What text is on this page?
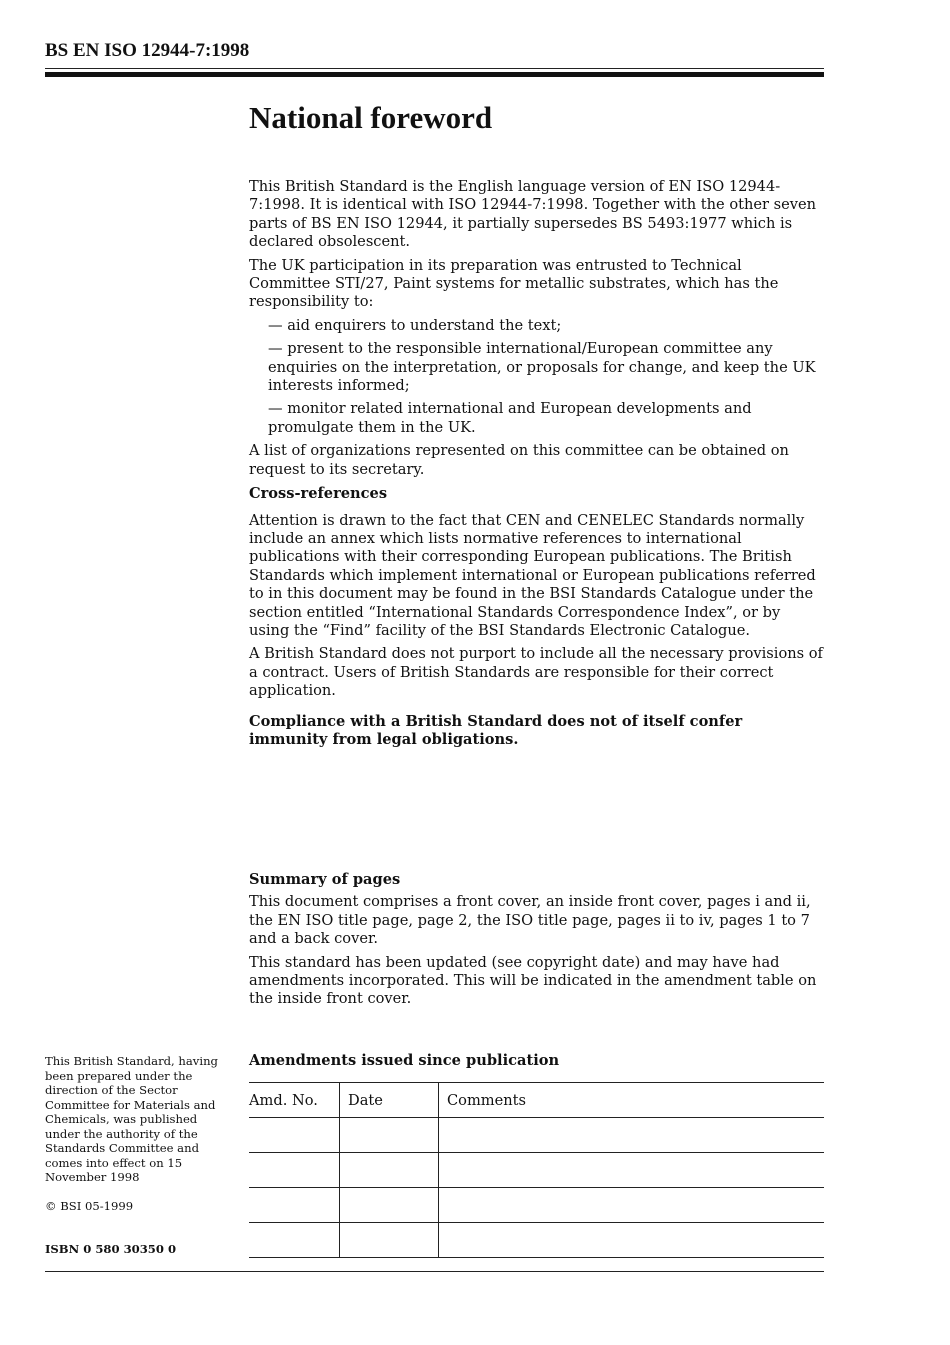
BS EN ISO 12944-7:1998
National foreword

This British Standard is the English language version of EN ISO 12944-7:1998. It is identical with ISO 12944-7:1998. Together with the other seven parts of BS EN ISO 12944, it partially supersedes BS 5493:1977 which is declared obsolescent.

The UK participation in its preparation was entrusted to Technical Committee STI/27, Paint systems for metallic substrates, which has the responsibility to:

— aid enquirers to understand the text;

— present to the responsible international/European committee any enquiries on the interpretation, or proposals for change, and keep the UK interests informed;

— monitor related international and European developments and promulgate them in the UK.

A list of organizations represented on this committee can be obtained on request to its secretary.

Cross-references

Attention is drawn to the fact that CEN and CENELEC Standards normally include an annex which lists normative references to international publications with their corresponding European publications. The British Standards which implement international or European publications referred to in this document may be found in the BSI Standards Catalogue under the section entitled “International Standards Correspondence Index”, or by using the “Find” facility of the BSI Standards Electronic Catalogue.

A British Standard does not purport to include all the necessary provisions of a contract. Users of British Standards are responsible for their correct application.

Compliance with a British Standard does not of itself confer immunity from legal obligations.

Summary of pages

This document comprises a front cover, an inside front cover, pages i and ii, the EN ISO title page, page 2, the ISO title page, pages ii to iv, pages 1 to 7 and a back cover.

This standard has been updated (see copyright date) and may have had amendments incorporated. This will be indicated in the amendment table on the inside front cover.

This British Standard, having been prepared under the direction of the Sector Committee for Materials and Chemicals, was published under the authority of the Standards Committee and comes into effect on 15 November 1998
© BSI 05-1999
ISBN 0 580 30350 0
Amendments issued since publication
Amd. No.	Date	Comments
